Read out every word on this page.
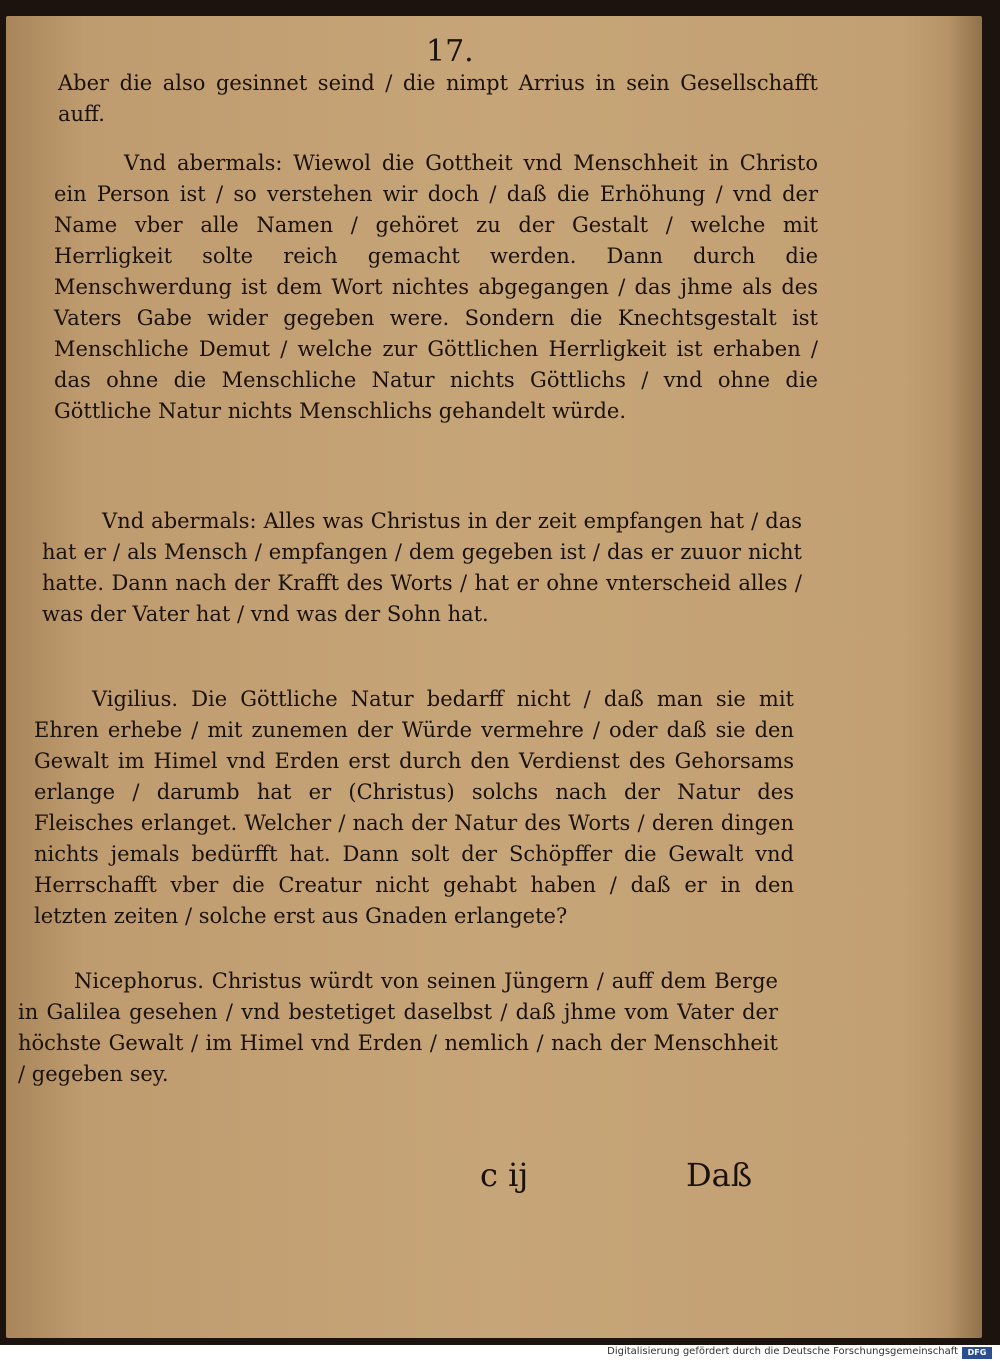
17.
Aber die also gesinnet seind / die nimpt Arrius in sein Gesellschafft auff.
Vnd abermals: Wiewol die Gottheit vnd Menschheit in Christo ein Person ist / so verstehen wir doch / daß die Erhöhung / vnd der Name vber alle Namen / gehöret zu der Gestalt / welche mit Herrligkeit solte reich gemacht werden. Dann durch die Menschwerdung ist dem Wort nichtes abgegangen / das jhme als des Vaters Gabe wider gegeben were. Sondern die Knechtsgestalt ist Menschliche Demut / welche zur Göttlichen Herrligkeit ist erhaben / das ohne die Menschliche Natur nichts Göttlichs / vnd ohne die Göttliche Natur nichts Menschlichs gehandelt würde.
Vnd abermals: Alles was Christus in der zeit empfangen hat / das hat er / als Mensch / empfangen / dem gegeben ist / das er zuuor nicht hatte. Dann nach der Krafft des Worts / hat er ohne vnterscheid alles / was der Vater hat / vnd was der Sohn hat.
Vigilius. Die Göttliche Natur bedarff nicht / daß man sie mit Ehren erhebe / mit zunemen der Würde vermehre / oder daß sie den Gewalt im Himel vnd Erden erst durch den Verdienst des Gehorsams erlange / darumb hat er (Christus) solchs nach der Natur des Fleisches erlanget. Welcher / nach der Natur des Worts / deren dingen nichts jemals bedürfft hat. Dann solt der Schöpffer die Gewalt vnd Herrschafft vber die Creatur nicht gehabt haben / daß er in den letzten zeiten / solche erst aus Gnaden erlangete?
Nicephorus. Christus würdt von seinen Jüngern / auff dem Berge in Galilea gesehen / vnd bestetiget daselbst / daß jhme vom Vater der höchste Gewalt / im Himel vnd Erden / nemlich / nach der Menschheit / gegeben sey.
c ij	Daß
Digitalisierung gefördert durch die Deutsche Forschungsgemeinschaft	DFG
